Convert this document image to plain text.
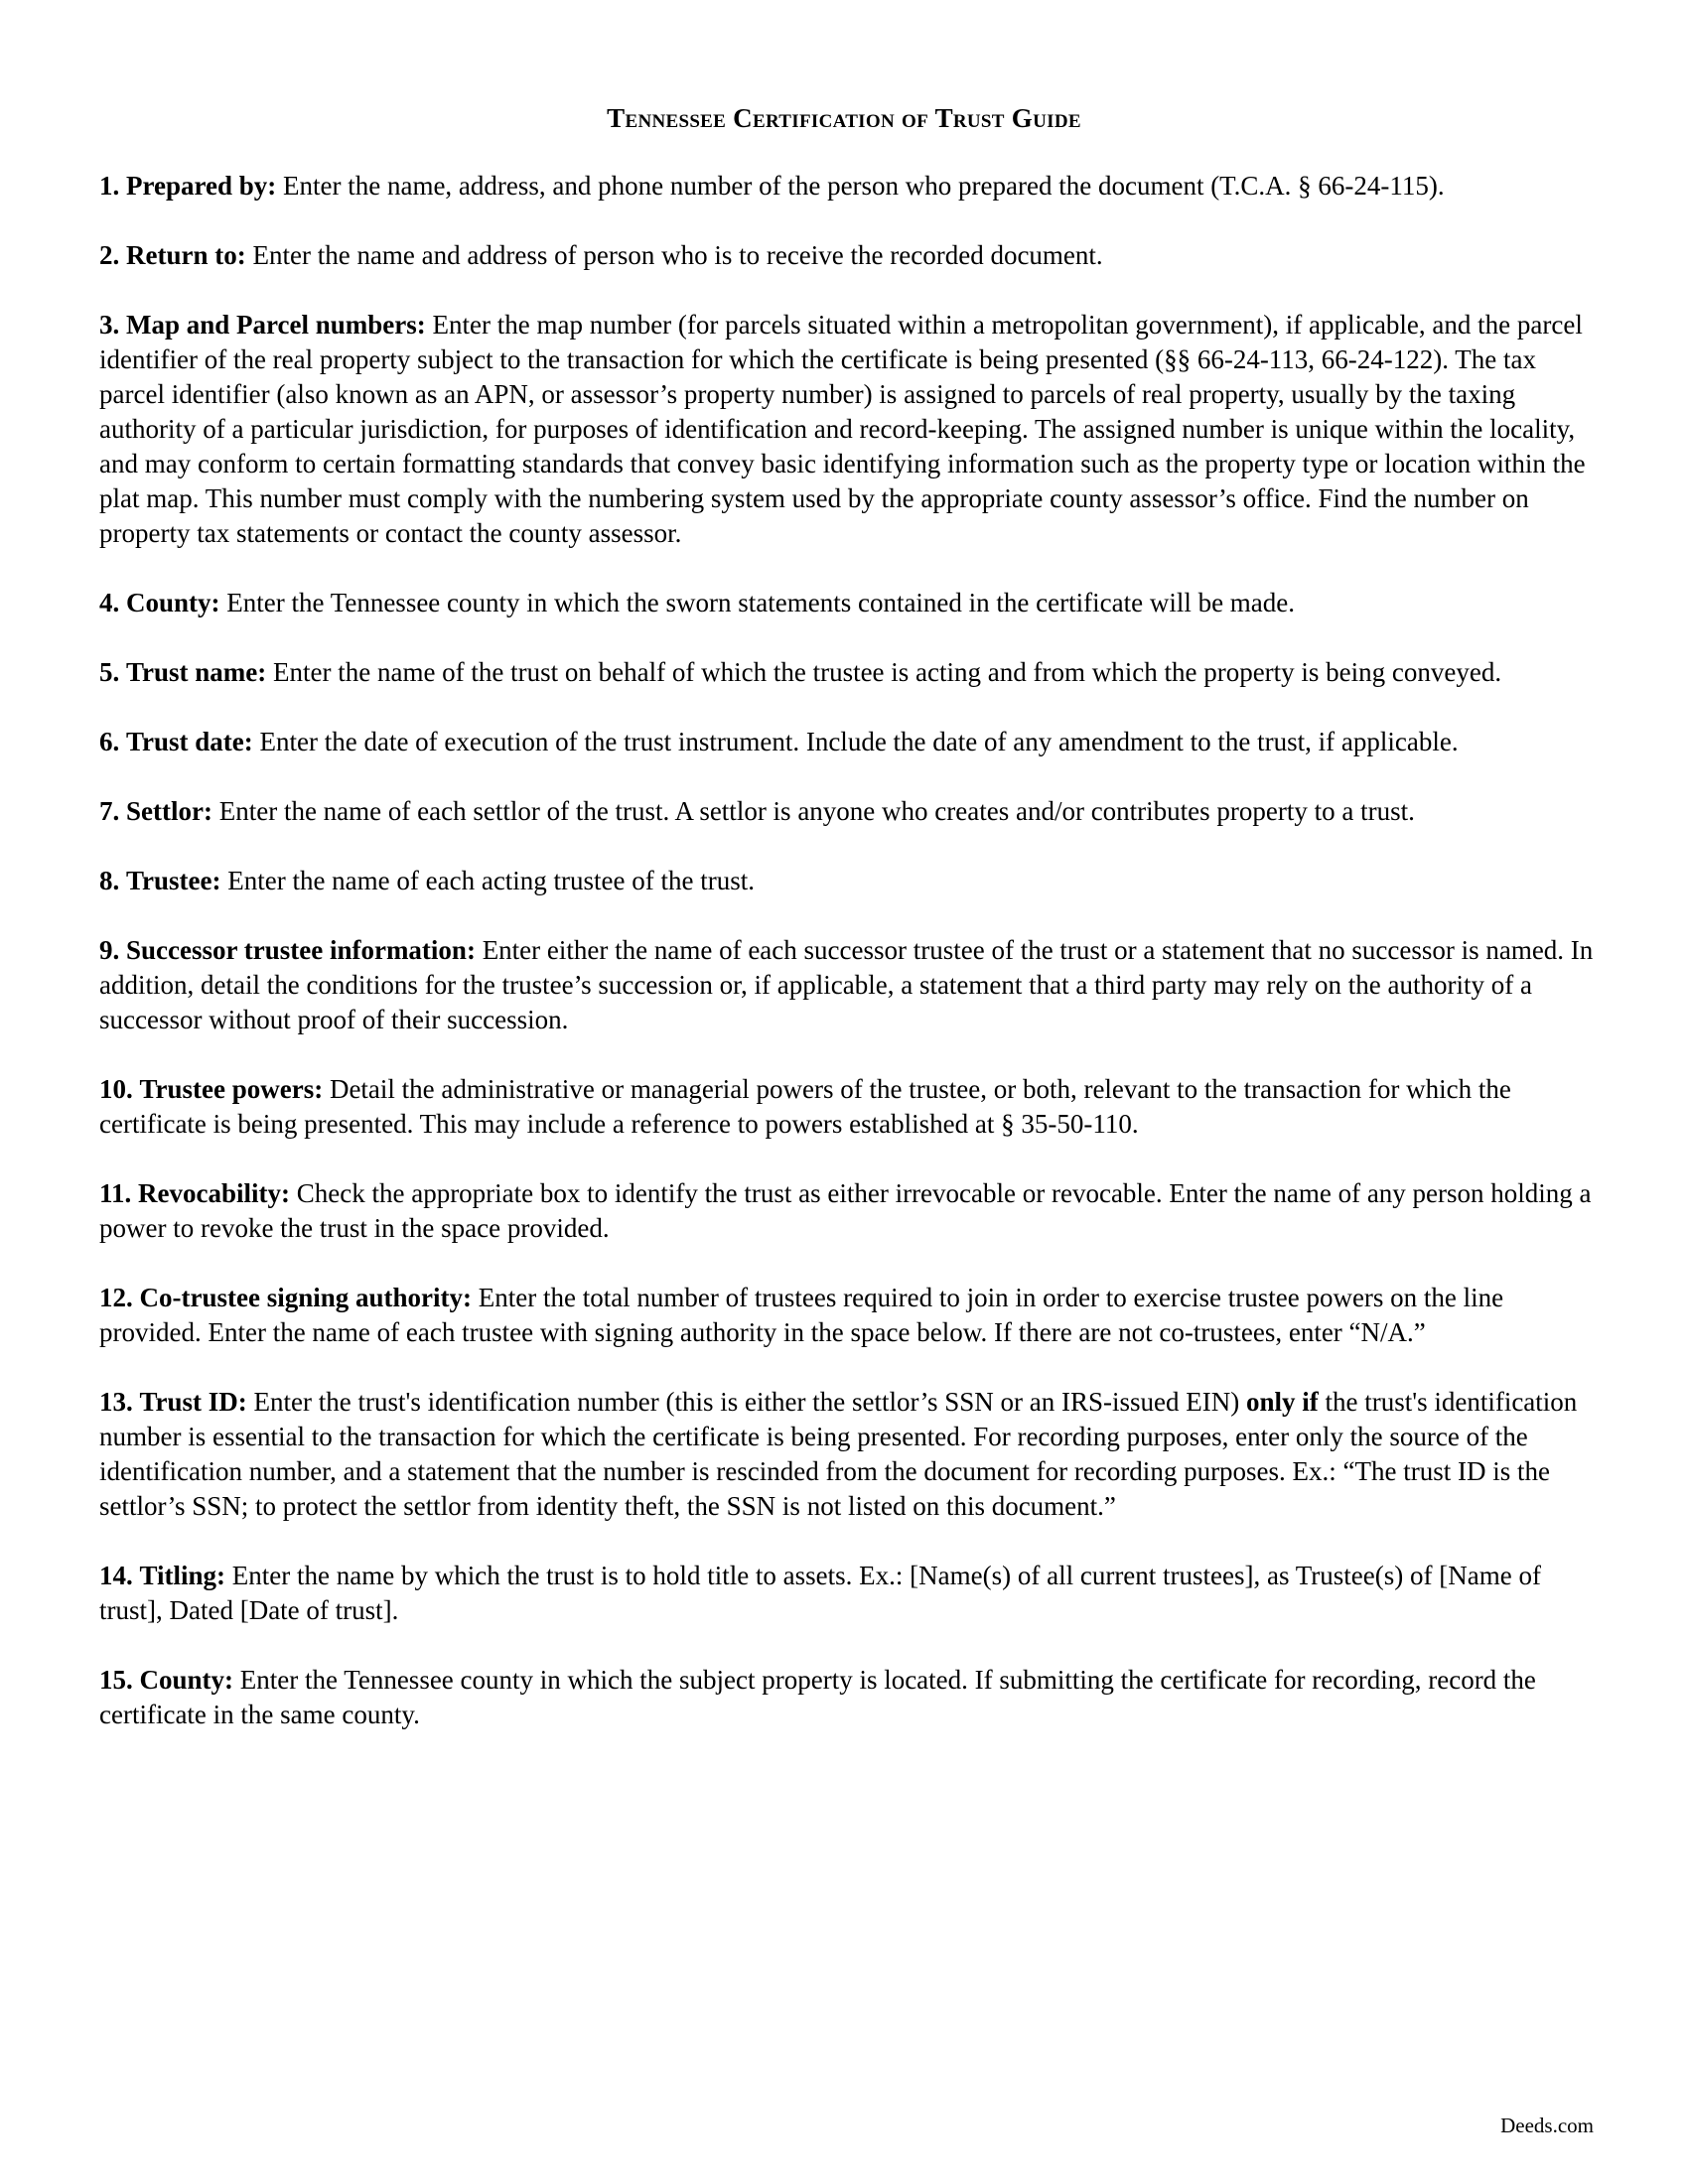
Tennessee Certification of Trust Guide

1. Prepared by: Enter the name, address, and phone number of the person who prepared the document (T.C.A. § 66-24-115).

2. Return to: Enter the name and address of person who is to receive the recorded document.

3. Map and Parcel numbers: Enter the map number (for parcels situated within a metropolitan government), if applicable, and the parcel identifier of the real property subject to the transaction for which the certificate is being presented (§§ 66-24-113, 66-24-122). The tax parcel identifier (also known as an APN, or assessor’s property number) is assigned to parcels of real property, usually by the taxing authority of a particular jurisdiction, for purposes of identification and record-keeping. The assigned number is unique within the locality, and may conform to certain formatting standards that convey basic identifying information such as the property type or location within the plat map. This number must comply with the numbering system used by the appropriate county assessor’s office. Find the number on property tax statements or contact the county assessor.

4. County: Enter the Tennessee county in which the sworn statements contained in the certificate will be made.

5. Trust name: Enter the name of the trust on behalf of which the trustee is acting and from which the property is being conveyed.

6. Trust date: Enter the date of execution of the trust instrument. Include the date of any amendment to the trust, if applicable.

7. Settlor: Enter the name of each settlor of the trust. A settlor is anyone who creates and/or contributes property to a trust.

8. Trustee: Enter the name of each acting trustee of the trust.

9. Successor trustee information: Enter either the name of each successor trustee of the trust or a statement that no successor is named. In addition, detail the conditions for the trustee’s succession or, if applicable, a statement that a third party may rely on the authority of a successor without proof of their succession.

10. Trustee powers: Detail the administrative or managerial powers of the trustee, or both, relevant to the transaction for which the certificate is being presented. This may include a reference to powers established at § 35-50-110.

11. Revocability: Check the appropriate box to identify the trust as either irrevocable or revocable. Enter the name of any person holding a power to revoke the trust in the space provided.

12. Co-trustee signing authority: Enter the total number of trustees required to join in order to exercise trustee powers on the line provided. Enter the name of each trustee with signing authority in the space below. If there are not co-trustees, enter “N/A.”

13. Trust ID: Enter the trust's identification number (this is either the settlor’s SSN or an IRS-issued EIN) only if the trust's identification number is essential to the transaction for which the certificate is being presented. For recording purposes, enter only the source of the identification number, and a statement that the number is rescinded from the document for recording purposes. Ex.: “The trust ID is the settlor’s SSN; to protect the settlor from identity theft, the SSN is not listed on this document.”

14. Titling: Enter the name by which the trust is to hold title to assets. Ex.: [Name(s) of all current trustees], as Trustee(s) of [Name of trust], Dated [Date of trust].

15. County: Enter the Tennessee county in which the subject property is located. If submitting the certificate for recording, record the certificate in the same county.

Deeds.com
